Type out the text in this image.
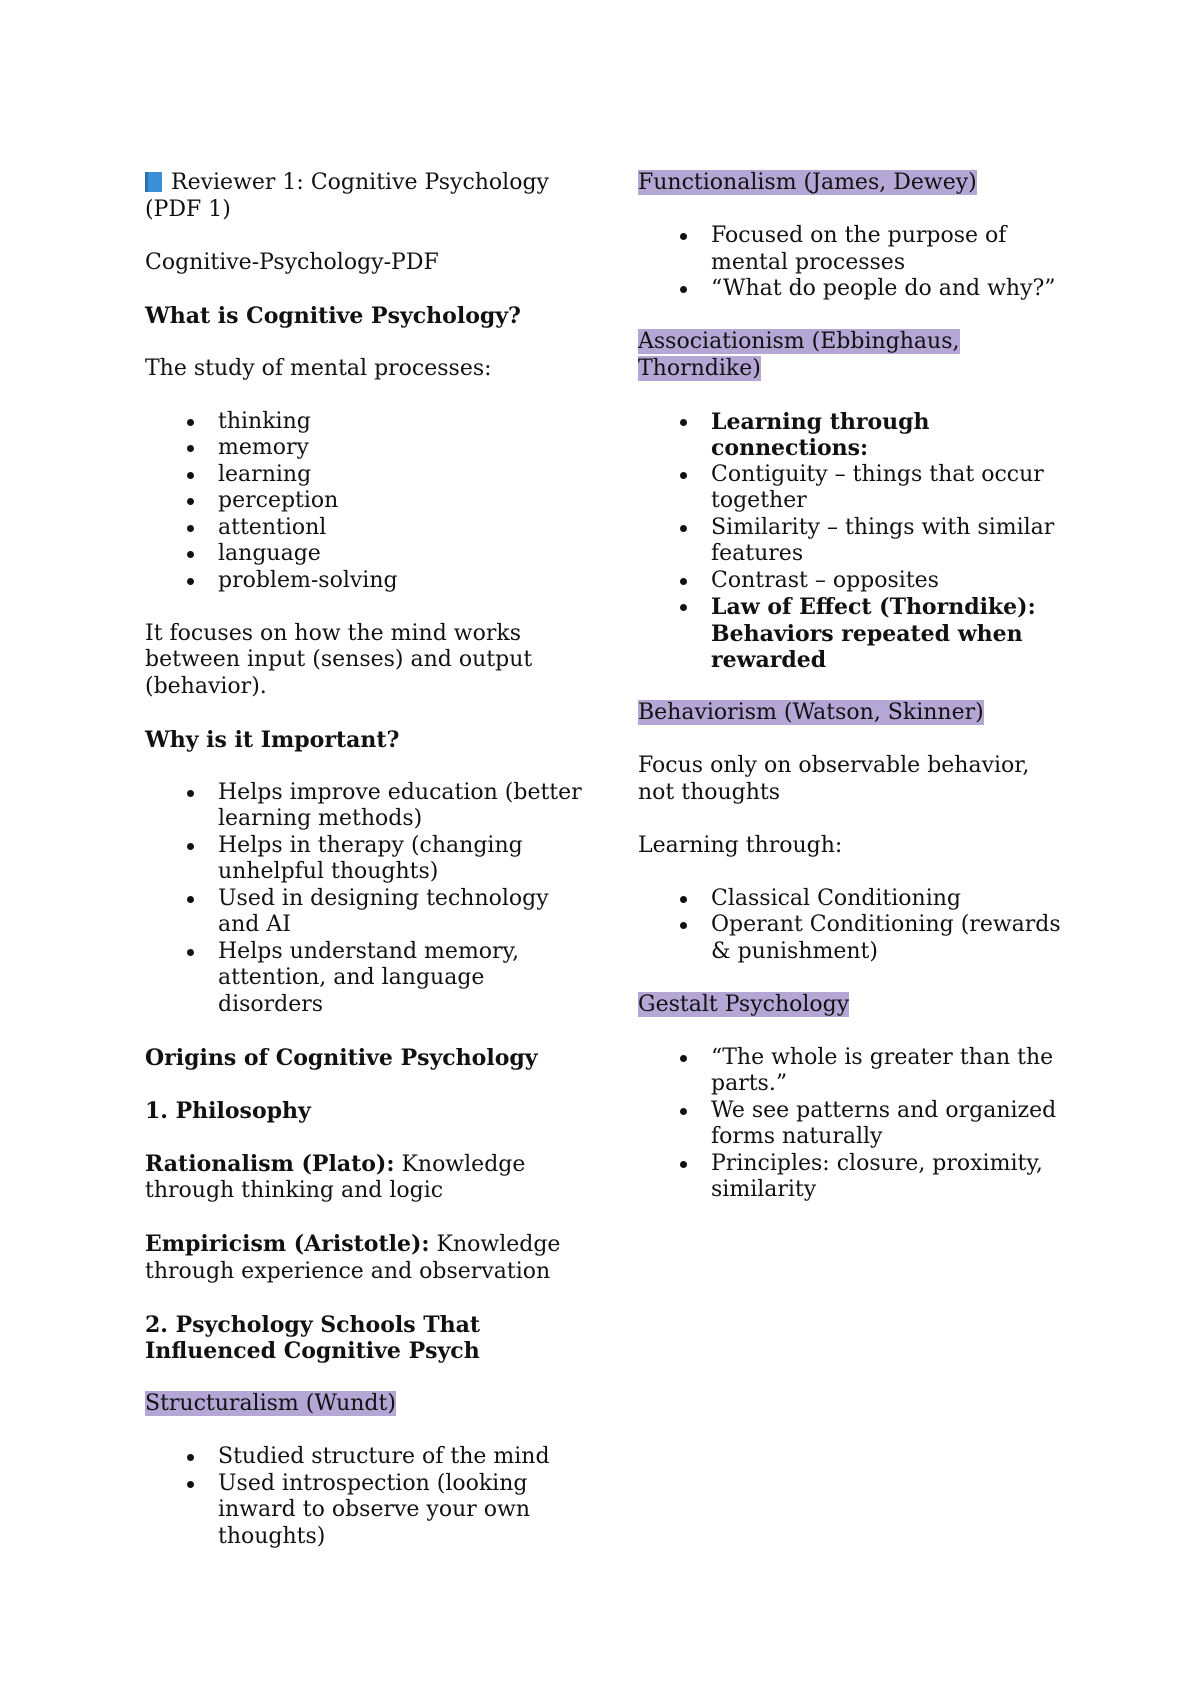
Reviewer 1: Cognitive Psychology (PDF 1)

Cognitive-Psychology-PDF

What is Cognitive Psychology?

The study of mental processes:

thinking
memory
learning
perception
attentionl
language
problem-solving

It focuses on how the mind works between input (senses) and output (behavior).

Why is it Important?

Helps improve education (better learning methods)
Helps in therapy (changing unhelpful thoughts)
Used in designing technology and AI
Helps understand memory, attention, and language disorders

Origins of Cognitive Psychology

1. Philosophy

Rationalism (Plato): Knowledge through thinking and logic

Empiricism (Aristotle): Knowledge through experience and observation

2. Psychology Schools That Influenced Cognitive Psych

Structuralism (Wundt)

Studied structure of the mind
Used introspection (looking inward to observe your own thoughts)

Functionalism (James, Dewey)

Focused on the purpose of mental processes
“What do people do and why?”

Associationism (Ebbinghaus, Thorndike)

Learning through connections:
Contiguity – things that occur together
Similarity – things with similar features
Contrast – opposites
Law of Effect (Thorndike): Behaviors repeated when rewarded

Behaviorism (Watson, Skinner)

Focus only on observable behavior, not thoughts

Learning through:

Classical Conditioning
Operant Conditioning (rewards & punishment)

Gestalt Psychology

“The whole is greater than the parts.”
We see patterns and organized forms naturally
Principles: closure, proximity, similarity
